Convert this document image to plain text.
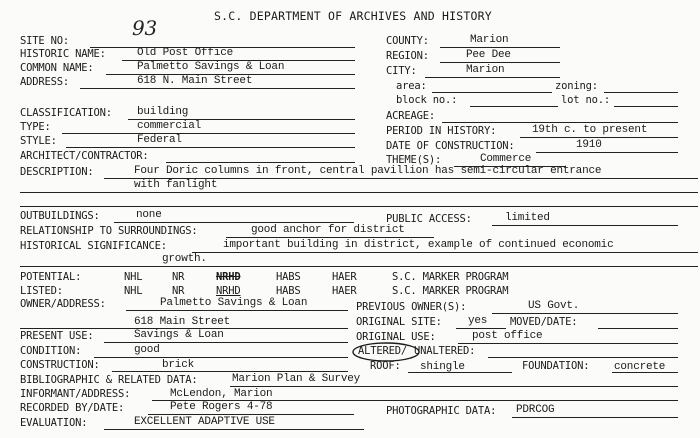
S.C. DEPARTMENT OF ARCHIVES AND HISTORY
SITE NO:
93
HISTORIC NAME:	Old Post Office
COMMON NAME:	Palmetto Savings & Loan
ADDRESS:	618 N. Main Street
CLASSIFICATION: building
TYPE:	commercial
STYLE:	Federal
ARCHITECT/CONTRACTOR:
COUNTY:	Marion
REGION:	Pee Dee
CITY:	Marion
area:	zoning:
block no.:	lot no.:
ACREAGE:
PERIOD IN HISTORY:	19th c. to present
DATE OF CONSTRUCTION:	1910
THEME(S):	Commerce
DESCRIPTION:	Four Doric columns in front, central pavillion has semi-circular entrance
with fanlight
OUTBUILDINGS:	none	PUBLIC ACCESS:	limited
RELATIONSHIP TO SURROUNDINGS:	good anchor for district
HISTORICAL SIGNIFICANCE:	important building in district, example of continued economic
growth.
POTENTIAL:	NHL	NR	NRHD	HABS	HAER	S.C. MARKER PROGRAM
LISTED:	NHL	NR	NRHD	HABS	HAER	S.C. MARKER PROGRAM
OWNER/ADDRESS:	Palmetto Savings & Loan	PREVIOUS OWNER(S):	US Govt.
618 Main Street	ORIGINAL SITE: yes MOVED/DATE:
PRESENT USE:	Savings & Loan	ORIGINAL USE:	post office
CONDITION:	good	ALTERED/ UNALTERED:
CONSTRUCTION:	brick	ROOF: shingle	FOUNDATION: concrete
BIBLIOGRAPHIC & RELATED DATA:	Marion Plan & Survey
INFORMANT/ADDRESS:	McLendon, Marion
RECORDED BY/DATE:	Pete Rogers 4-78	PHOTOGRAPHIC DATA: PDRCOG
EVALUATION:	EXCELLENT ADAPTIVE USE
